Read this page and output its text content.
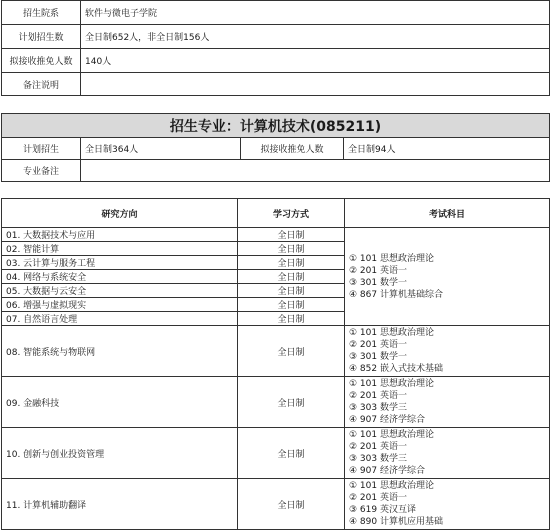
招生院系	软件与微电子学院
计划招生数	全日制652人，非全日制156人
拟接收推免人数	140人
备注说明	
招生专业：计算机技术(085211)			
计划招生	全日制364人	拟接收推免人数	全日制94人
专业备注			
研究方向	学习方式	考试科目
01. 大数据技术与应用	全日制	① 101 思想政治理论
② 201 英语一
③ 301 数学一
④ 867 计算机基础综合

02. 智能计算	全日制	
03. 云计算与服务工程	全日制	
04. 网络与系统安全	全日制	
05. 大数据与云安全	全日制	
06. 增强与虚拟现实	全日制	
07. 自然语言处理	全日制	
08. 智能系统与物联网	全日制	① 101 思想政治理论
② 201 英语一
③ 301 数学一
④ 852 嵌入式技术基础

09. 金融科技	全日制	① 101 思想政治理论
② 201 英语一
③ 303 数学三
④ 907 经济学综合

10. 创新与创业投资管理	全日制	① 101 思想政治理论
② 201 英语一
③ 303 数学三
④ 907 经济学综合

11. 计算机辅助翻译	全日制	① 101 思想政治理论
② 201 英语一
③ 619 英汉互译
④ 890 计算机应用基础
